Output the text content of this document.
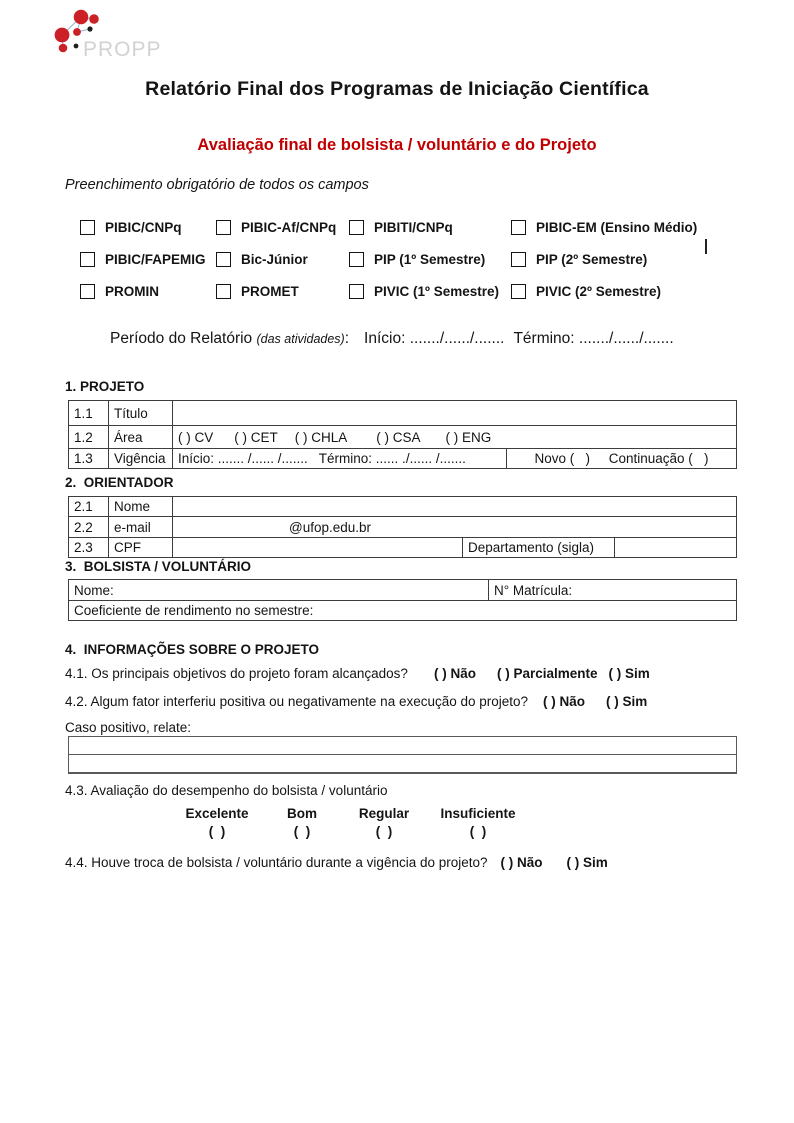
PROPP
Relatório Final dos Programas de Iniciação Científica
Avaliação final de bolsista / voluntário e do Projeto
Preenchimento obrigatório de todos os campos
PIBIC/CNPq	PIBIC-Af/CNPq	PIBITI/CNPq	PIBIC-EM (Ensino Médio)
PIBIC/FAPEMIG	Bic-Júnior	PIP (1º Semestre)	PIP (2º Semestre)
PROMIN	PROMET	PIVIC (1º Semestre)	PIVIC (2º Semestre)
Período do Relatório (das atividades): Início: ......./....../....... Término: ......./....../.......
1. PROJETO
1.1	Título
1.2	Área	( ) CV ( ) CET ( ) CHLA ( ) CSA ( ) ENG
1.3	Vigência Início: ....... /...... /.......   Término: ...... ./...... /.......	Novo (   )     Continuação (   )
2.  ORIENTADOR
2.1	Nome
2.2	e-mail	@ufop.edu.br
2.3	CPF	Departamento (sigla)
3.  BOLSISTA / VOLUNTÁRIO
Nome:	N° Matrícula:
Coeficiente de rendimento no semestre:
4.  INFORMAÇÕES SOBRE O PROJETO
4.1. Os principais objetivos do projeto foram alcançados? ( ) Não ( ) Parcialmente ( ) Sim
4.2. Algum fator interferiu positiva ou negativamente na execução do projeto? ( ) Não ( ) Sim
Caso positivo, relate:
4.3. Avaliação do desempenho do bolsista / voluntário
Excelente
(  )
Bom
(  )
Regular
(  )
Insuficiente
(  )
4.4. Houve troca de bolsista / voluntário durante a vigência do projeto? ( ) Não ( ) Sim
